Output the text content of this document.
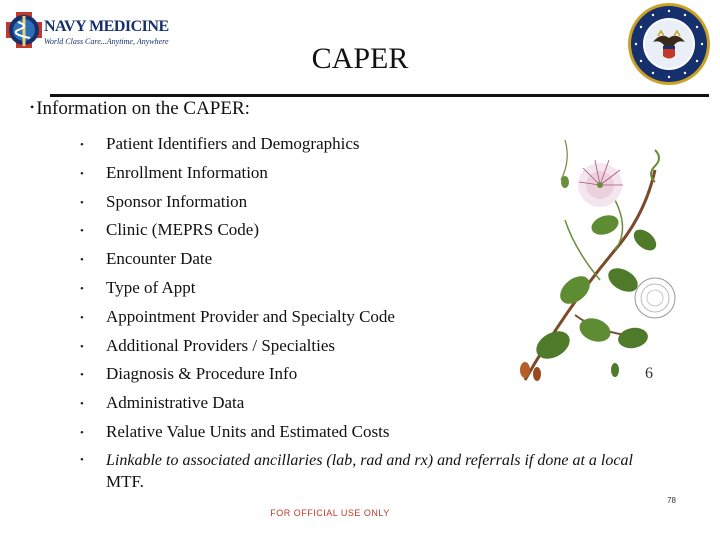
NAVY MEDICINE
World Class Care...Anytime, Anywhere
CAPER
• Information on the CAPER:
•	Patient Identifiers and Demographics
•	Enrollment Information
•	Sponsor Information
•	Clinic (MEPRS Code)
•	Encounter Date
•	Type of Appt
•	Appointment Provider and Specialty Code
•	Additional Providers / Specialties
•	Diagnosis & Procedure Info
•	Administrative Data
•	Relative Value Units and Estimated Costs
•	Linkable to associated ancillaries (lab, rad and rx) and referrals if done at a local
MTF.
6
78
FOR OFFICIAL USE ONLY
